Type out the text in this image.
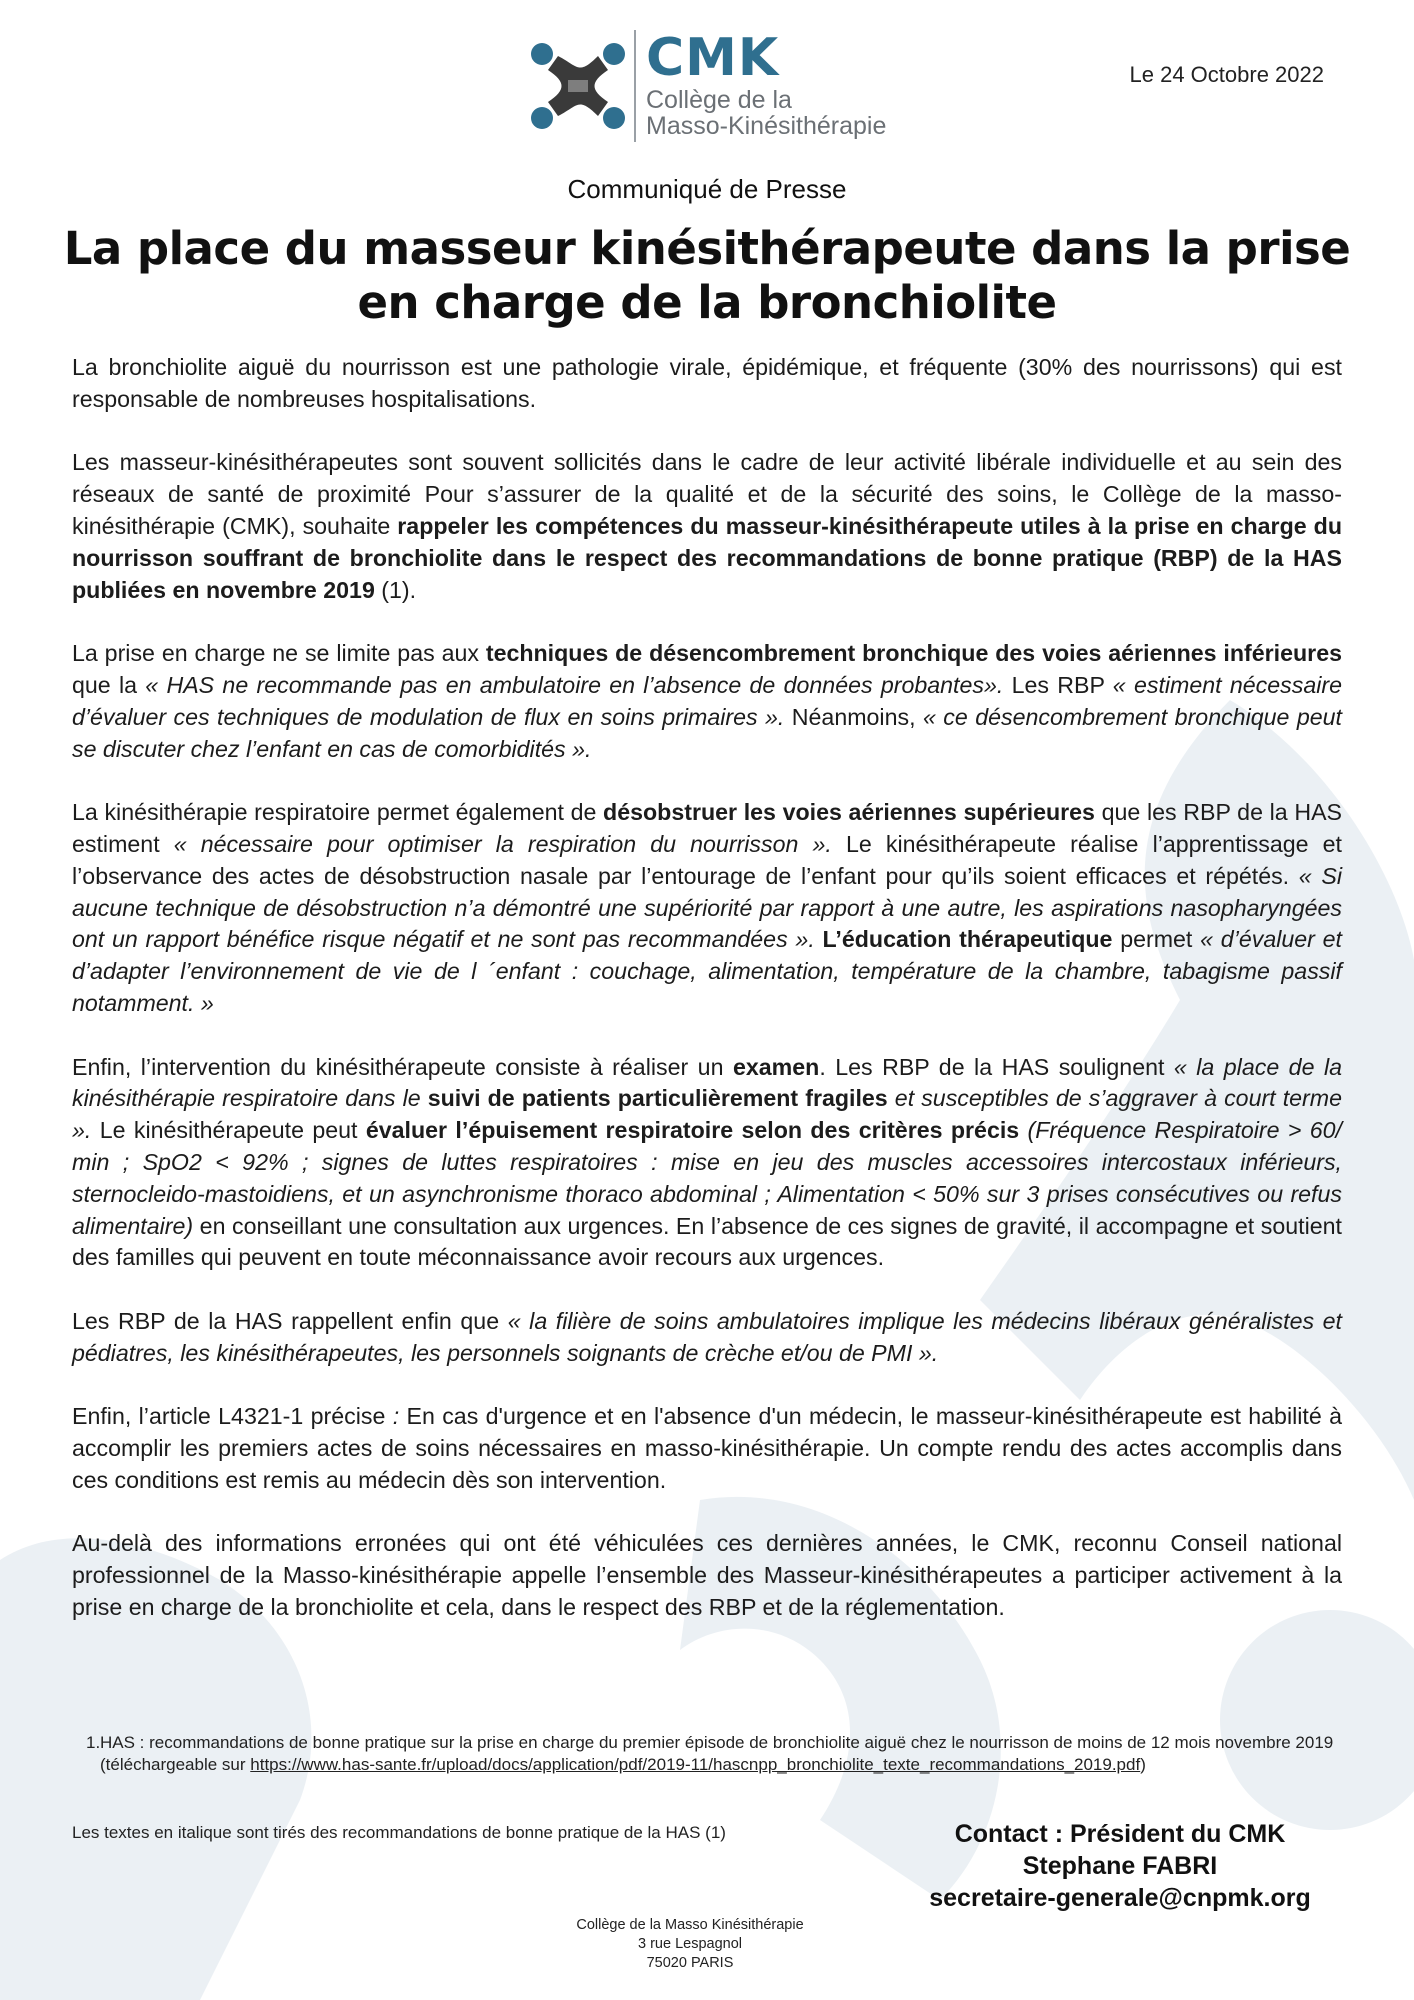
CMK
Collège de la
Masso-Kinésithérapie
Le 24 Octobre 2022
Communiqué de Presse
La place du masseur kinésithérapeute dans la prise en charge de la bronchiolite

La bronchiolite aiguë du nourrisson est une pathologie virale, épidémique, et fréquente (30% des nourrissons) qui est responsable de nombreuses hospitalisations.

Les masseur-kinésithérapeutes sont souvent sollicités dans le cadre de leur activité libérale individuelle et au sein des réseaux de santé de proximité Pour s’assurer de la qualité et de la sécurité des soins, le Collège de la masso-kinésithérapie (CMK), souhaite rappeler les compétences du masseur-kinésithérapeute utiles à la prise en charge du nourrisson souffrant de bronchiolite dans le respect des recommandations de bonne pratique (RBP) de la HAS publiées en novembre 2019 (1).

La prise en charge ne se limite pas aux techniques de désencombrement bronchique des voies aériennes inférieures que la « HAS ne recommande pas en ambulatoire en l’absence de données probantes». Les RBP « estiment nécessaire d’évaluer ces techniques de modulation de flux en soins primaires ». Néanmoins, « ce désencombrement bronchique peut se discuter chez l’enfant en cas de comorbidités ».

La kinésithérapie respiratoire permet également de désobstruer les voies aériennes supérieures que les RBP de la HAS estiment « nécessaire pour optimiser la respiration du nourrisson ». Le kinésithérapeute réalise l’apprentissage et l’observance des actes de désobstruction nasale par l’entourage de l’enfant pour qu’ils soient efficaces et répétés. « Si aucune technique de désobstruction n’a démontré une supériorité par rapport à une autre, les aspirations nasopharyngées ont un rapport bénéfice risque négatif et ne sont pas recommandées ». L’éducation thérapeutique permet « d’évaluer et d’adapter l’environnement de vie de l ´enfant : couchage, alimentation, température de la chambre, tabagisme passif notamment. »

Enfin, l’intervention du kinésithérapeute consiste à réaliser un examen. Les RBP de la HAS soulignent « la place de la kinésithérapie respiratoire dans le suivi de patients particulièrement fragiles et susceptibles de s’aggraver à court terme ». Le kinésithérapeute peut évaluer l’épuisement respiratoire selon des critères précis (Fréquence Respiratoire > 60/ min ; SpO2 < 92% ; signes de luttes respiratoires : mise en jeu des muscles accessoires intercostaux inférieurs, sternocleido-mastoidiens, et un asynchronisme thoraco abdominal ; Alimentation < 50% sur 3 prises consécutives ou refus alimentaire) en conseillant une consultation aux urgences. En l’absence de ces signes de gravité, il accompagne et soutient des familles qui peuvent en toute méconnaissance avoir recours aux urgences.

Les RBP de la HAS rappellent enfin que « la filière de soins ambulatoires implique les médecins libéraux généralistes et pédiatres, les kinésithérapeutes, les personnels soignants de crèche et/ou de PMI ».

Enfin, l’article L4321-1 précise : En cas d'urgence et en l'absence d'un médecin, le masseur-kinésithérapeute est habilité à accomplir les premiers actes de soins nécessaires en masso-kinésithérapie. Un compte rendu des actes accomplis dans ces conditions est remis au médecin dès son intervention.

Au-delà des informations erronées qui ont été véhiculées ces dernières années, le CMK, reconnu Conseil national professionnel de la Masso-kinésithérapie appelle l’ensemble des Masseur-kinésithérapeutes a participer activement à la prise en charge de la bronchiolite et cela, dans le respect des RBP et de la réglementation.

1. HAS : recommandations de bonne pratique sur la prise en charge du premier épisode de bronchiolite aiguë chez le nourrisson de moins de 12 mois novembre 2019 (téléchargeable sur https://www.has-sante.fr/upload/docs/application/pdf/2019-11/hascnpp_bronchiolite_texte_recommandations_2019.pdf)
Les textes en italique sont tirés des recommandations de bonne pratique de la HAS (1)	Contact : Président du CMK
Stephane FABRI
secretaire-generale@cnpmk.org
Collège de la Masso Kinésithérapie
3 rue Lespagnol
75020 PARIS
